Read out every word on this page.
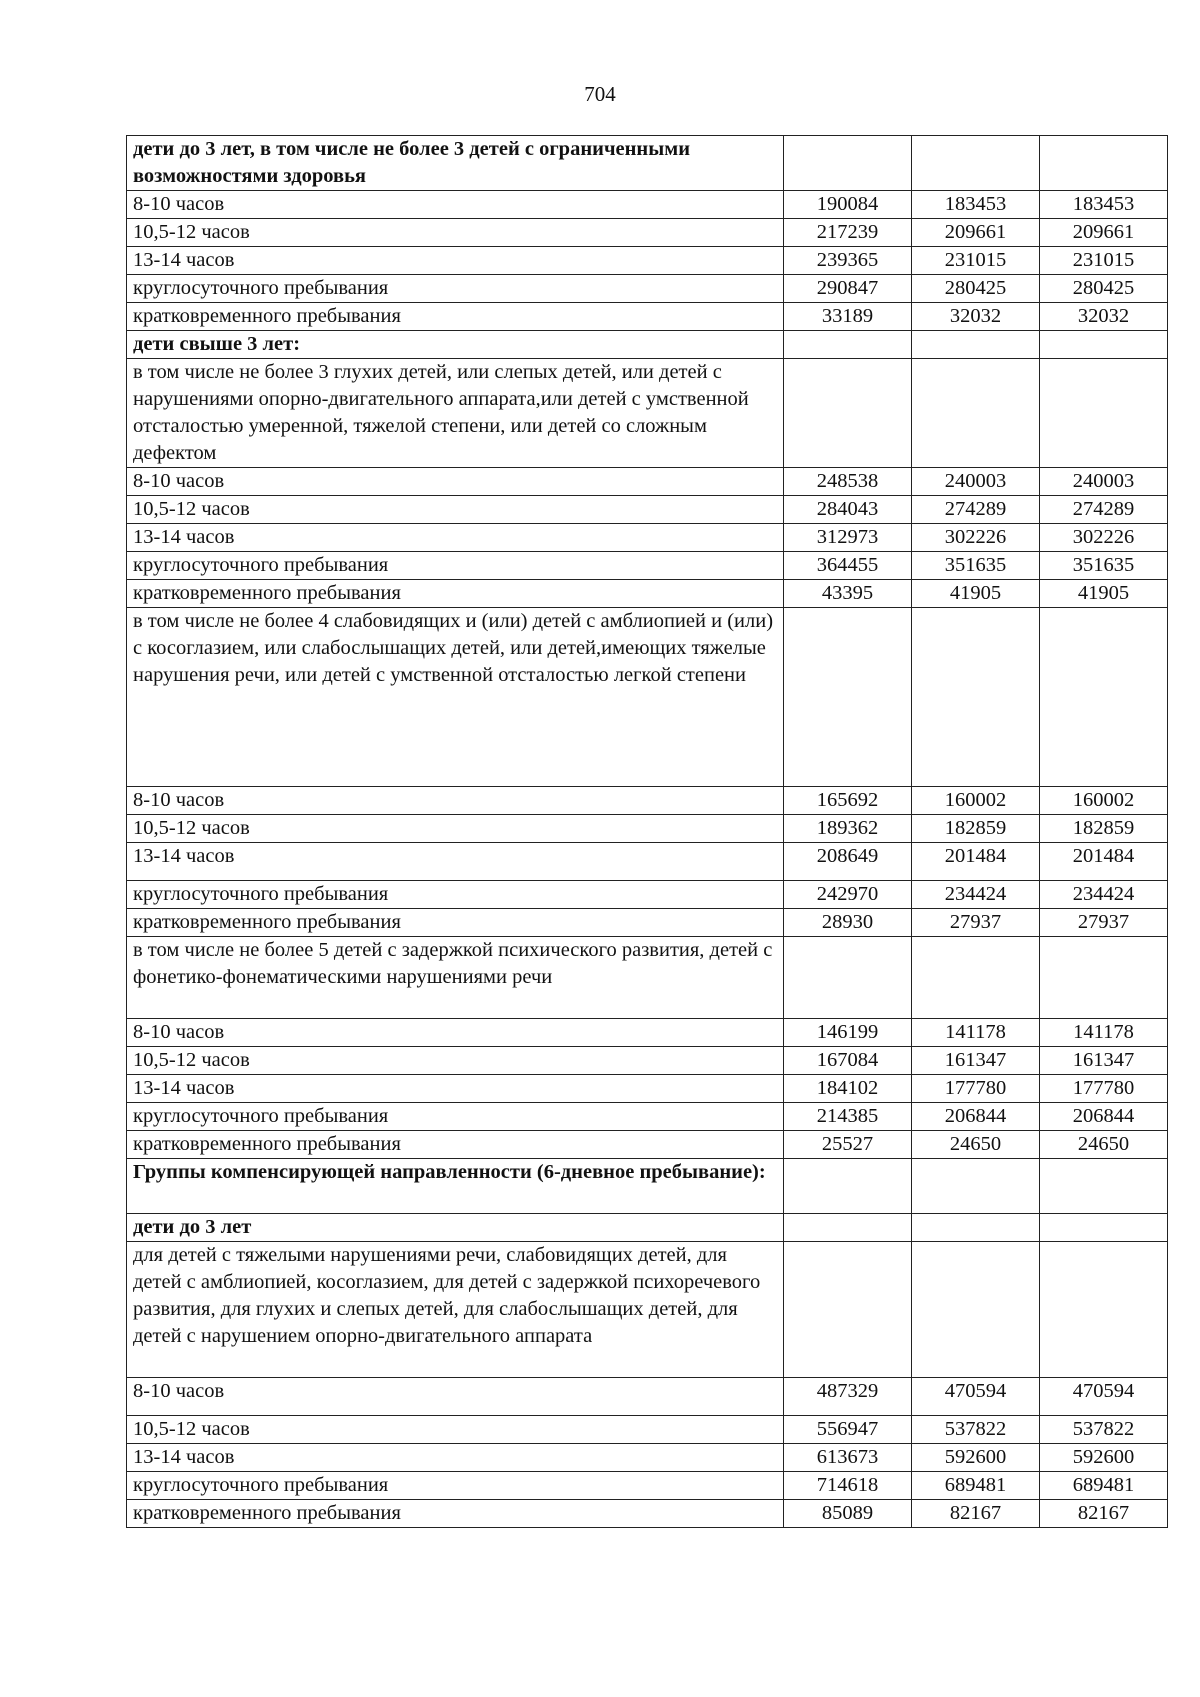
704
дети до 3 лет, в том числе не более 3 детей с ограниченными возможностями здоровья			
8-10 часов	190084	183453	183453
10,5-12 часов	217239	209661	209661
13-14 часов	239365	231015	231015
круглосуточного пребывания	290847	280425	280425
кратковременного пребывания	33189	32032	32032
дети свыше 3 лет:			
в том числе не более 3 глухих детей, или слепых детей, или детей с нарушениями опорно-двигательного аппарата,или детей с умственной отсталостью умеренной, тяжелой степени, или детей со сложным дефектом			
8-10 часов	248538	240003	240003
10,5-12 часов	284043	274289	274289
13-14 часов	312973	302226	302226
круглосуточного пребывания	364455	351635	351635
кратковременного пребывания	43395	41905	41905
в том числе не более 4 слабовидящих и (или) детей с амблиопией и (или) с косоглазием, или слабослышащих детей, или детей,имеющих тяжелые нарушения речи, или детей с умственной отсталостью легкой степени			
8-10 часов	165692	160002	160002
10,5-12 часов	189362	182859	182859
13-14 часов	208649	201484	201484
круглосуточного пребывания	242970	234424	234424
кратковременного пребывания	28930	27937	27937
в том числе не более 5 детей с задержкой психического развития, детей с фонетико-фонематическими нарушениями речи			
8-10 часов	146199	141178	141178
10,5-12 часов	167084	161347	161347
13-14 часов	184102	177780	177780
круглосуточного пребывания	214385	206844	206844
кратковременного пребывания	25527	24650	24650
Группы компенсирующей направленности (6-дневное пребывание):			
дети до 3 лет			
для детей с тяжелыми нарушениями речи, слабовидящих детей, для детей с амблиопией, косоглазием, для детей с задержкой психоречевого развития, для глухих и слепых детей, для слабослышащих детей, для детей с нарушением опорно-двигательного аппарата			
8-10 часов	487329	470594	470594
10,5-12 часов	556947	537822	537822
13-14 часов	613673	592600	592600
круглосуточного пребывания	714618	689481	689481
кратковременного пребывания	85089	82167	82167
